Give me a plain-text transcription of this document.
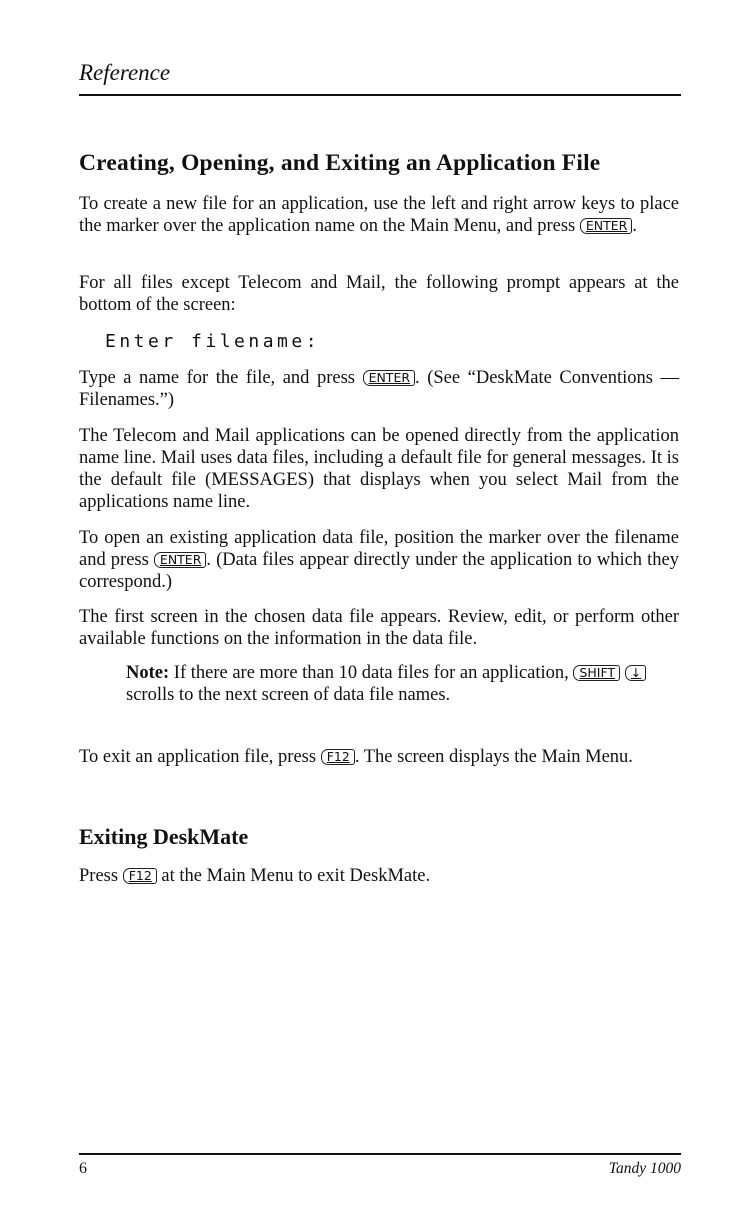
Reference
Creating, Opening, and Exiting an Application File
To create a new file for an application, use the left and right arrow keys to place the marker over the application name on the Main Menu, and press ENTER .
For all files except Telecom and Mail, the following prompt appears at the bottom of the screen:
Enter filename:
Type a name for the file, and press ENTER . (See “DeskMate Conventions — Filenames.”)
The Telecom and Mail applications can be opened directly from the application name line. Mail uses data files, including a default file for general messages. It is the default file (MESSAGES) that displays when you select Mail from the applications name line.
To open an existing application data file, position the marker over the filename and press ENTER . (Data files appear directly under the application to which they correspond.)
The first screen in the chosen data file appears. Review, edit, or perform other available functions on the information in the data file.
Note: If there are more than 10 data files for an application, SHIFT ↓ scrolls to the next screen of data file names.
To exit an application file, press F12 . The screen displays the Main Menu.
Exiting DeskMate
Press F12 at the Main Menu to exit DeskMate.
6	Tandy 1000
